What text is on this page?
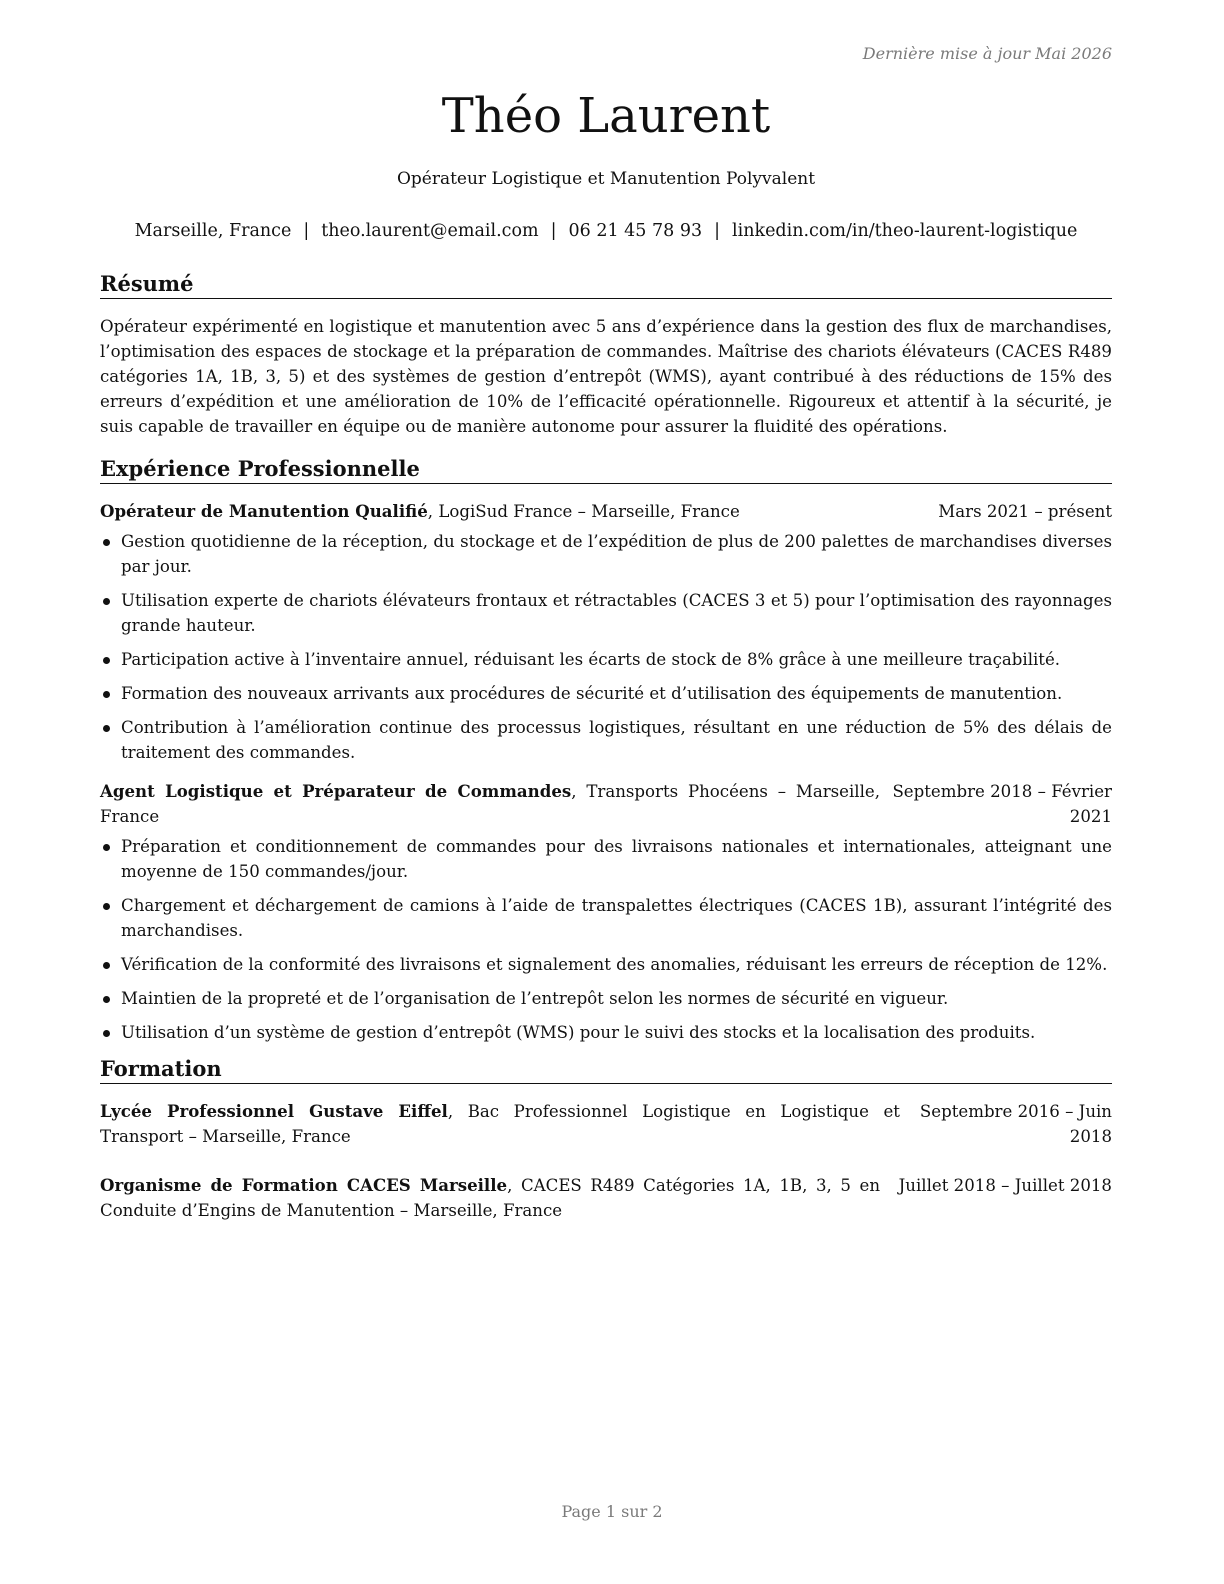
Dernière mise à jour Mai 2026
Théo Laurent
Opérateur Logistique et Manutention Polyvalent
Marseille, France | theo.laurent@email.com | 06 21 45 78 93 | linkedin.com/in/theo-laurent-logistique
Résumé
Opérateur expérimenté en logistique et manutention avec 5 ans d’expérience dans la gestion des flux de marchandises, l’optimisation des espaces de stockage et la préparation de commandes. Maîtrise des chariots élévateurs (CACES R489 catégories 1A, 1B, 3, 5) et des systèmes de gestion d’entrepôt (WMS), ayant contribué à des réductions de 15% des erreurs d’expédition et une amélioration de 10% de l’efficacité opérationnelle. Rigoureux et attentif à la sécurité, je suis capable de travailler en équipe ou de manière autonome pour assurer la fluidité des opérations.
Expérience Professionnelle
Opérateur de Manutention Qualifié, LogiSud France – Marseille, France	Mars 2021 – présent
Gestion quotidienne de la réception, du stockage et de l’expédition de plus de 200 palettes de marchandises diverses par jour.
Utilisation experte de chariots élévateurs frontaux et rétractables (CACES 3 et 5) pour l’optimisation des rayonnages grande hauteur.
Participation active à l’inventaire annuel, réduisant les écarts de stock de 8% grâce à une meilleure traçabilité.
Formation des nouveaux arrivants aux procédures de sécurité et d’utilisation des équipements de manutention.
Contribution à l’amélioration continue des processus logistiques, résultant en une réduction de 5% des délais de traitement des commandes.
Agent Logistique et Préparateur de Commandes, Transports Phocéens – Marseille, France
Septembre 2018 – Février 2021
Préparation et conditionnement de commandes pour des livraisons nationales et internationales, atteignant une moyenne de 150 commandes/jour.
Chargement et déchargement de camions à l’aide de transpalettes électriques (CACES 1B), assurant l’intégrité des marchandises.
Vérification de la conformité des livraisons et signalement des anomalies, réduisant les erreurs de réception de 12%.
Maintien de la propreté et de l’organisation de l’entrepôt selon les normes de sécurité en vigueur.
Utilisation d’un système de gestion d’entrepôt (WMS) pour le suivi des stocks et la localisation des produits.
Formation
Lycée Professionnel Gustave Eiffel, Bac Professionnel Logistique en Logistique et Transport – Marseille, France
Septembre 2016 – Juin 2018
Organisme de Formation CACES Marseille, CACES R489 Catégories 1A, 1B, 3, 5 en Conduite d’Engins de Manutention – Marseille, France
Juillet 2018 – Juillet 2018
Page 1 sur 2
